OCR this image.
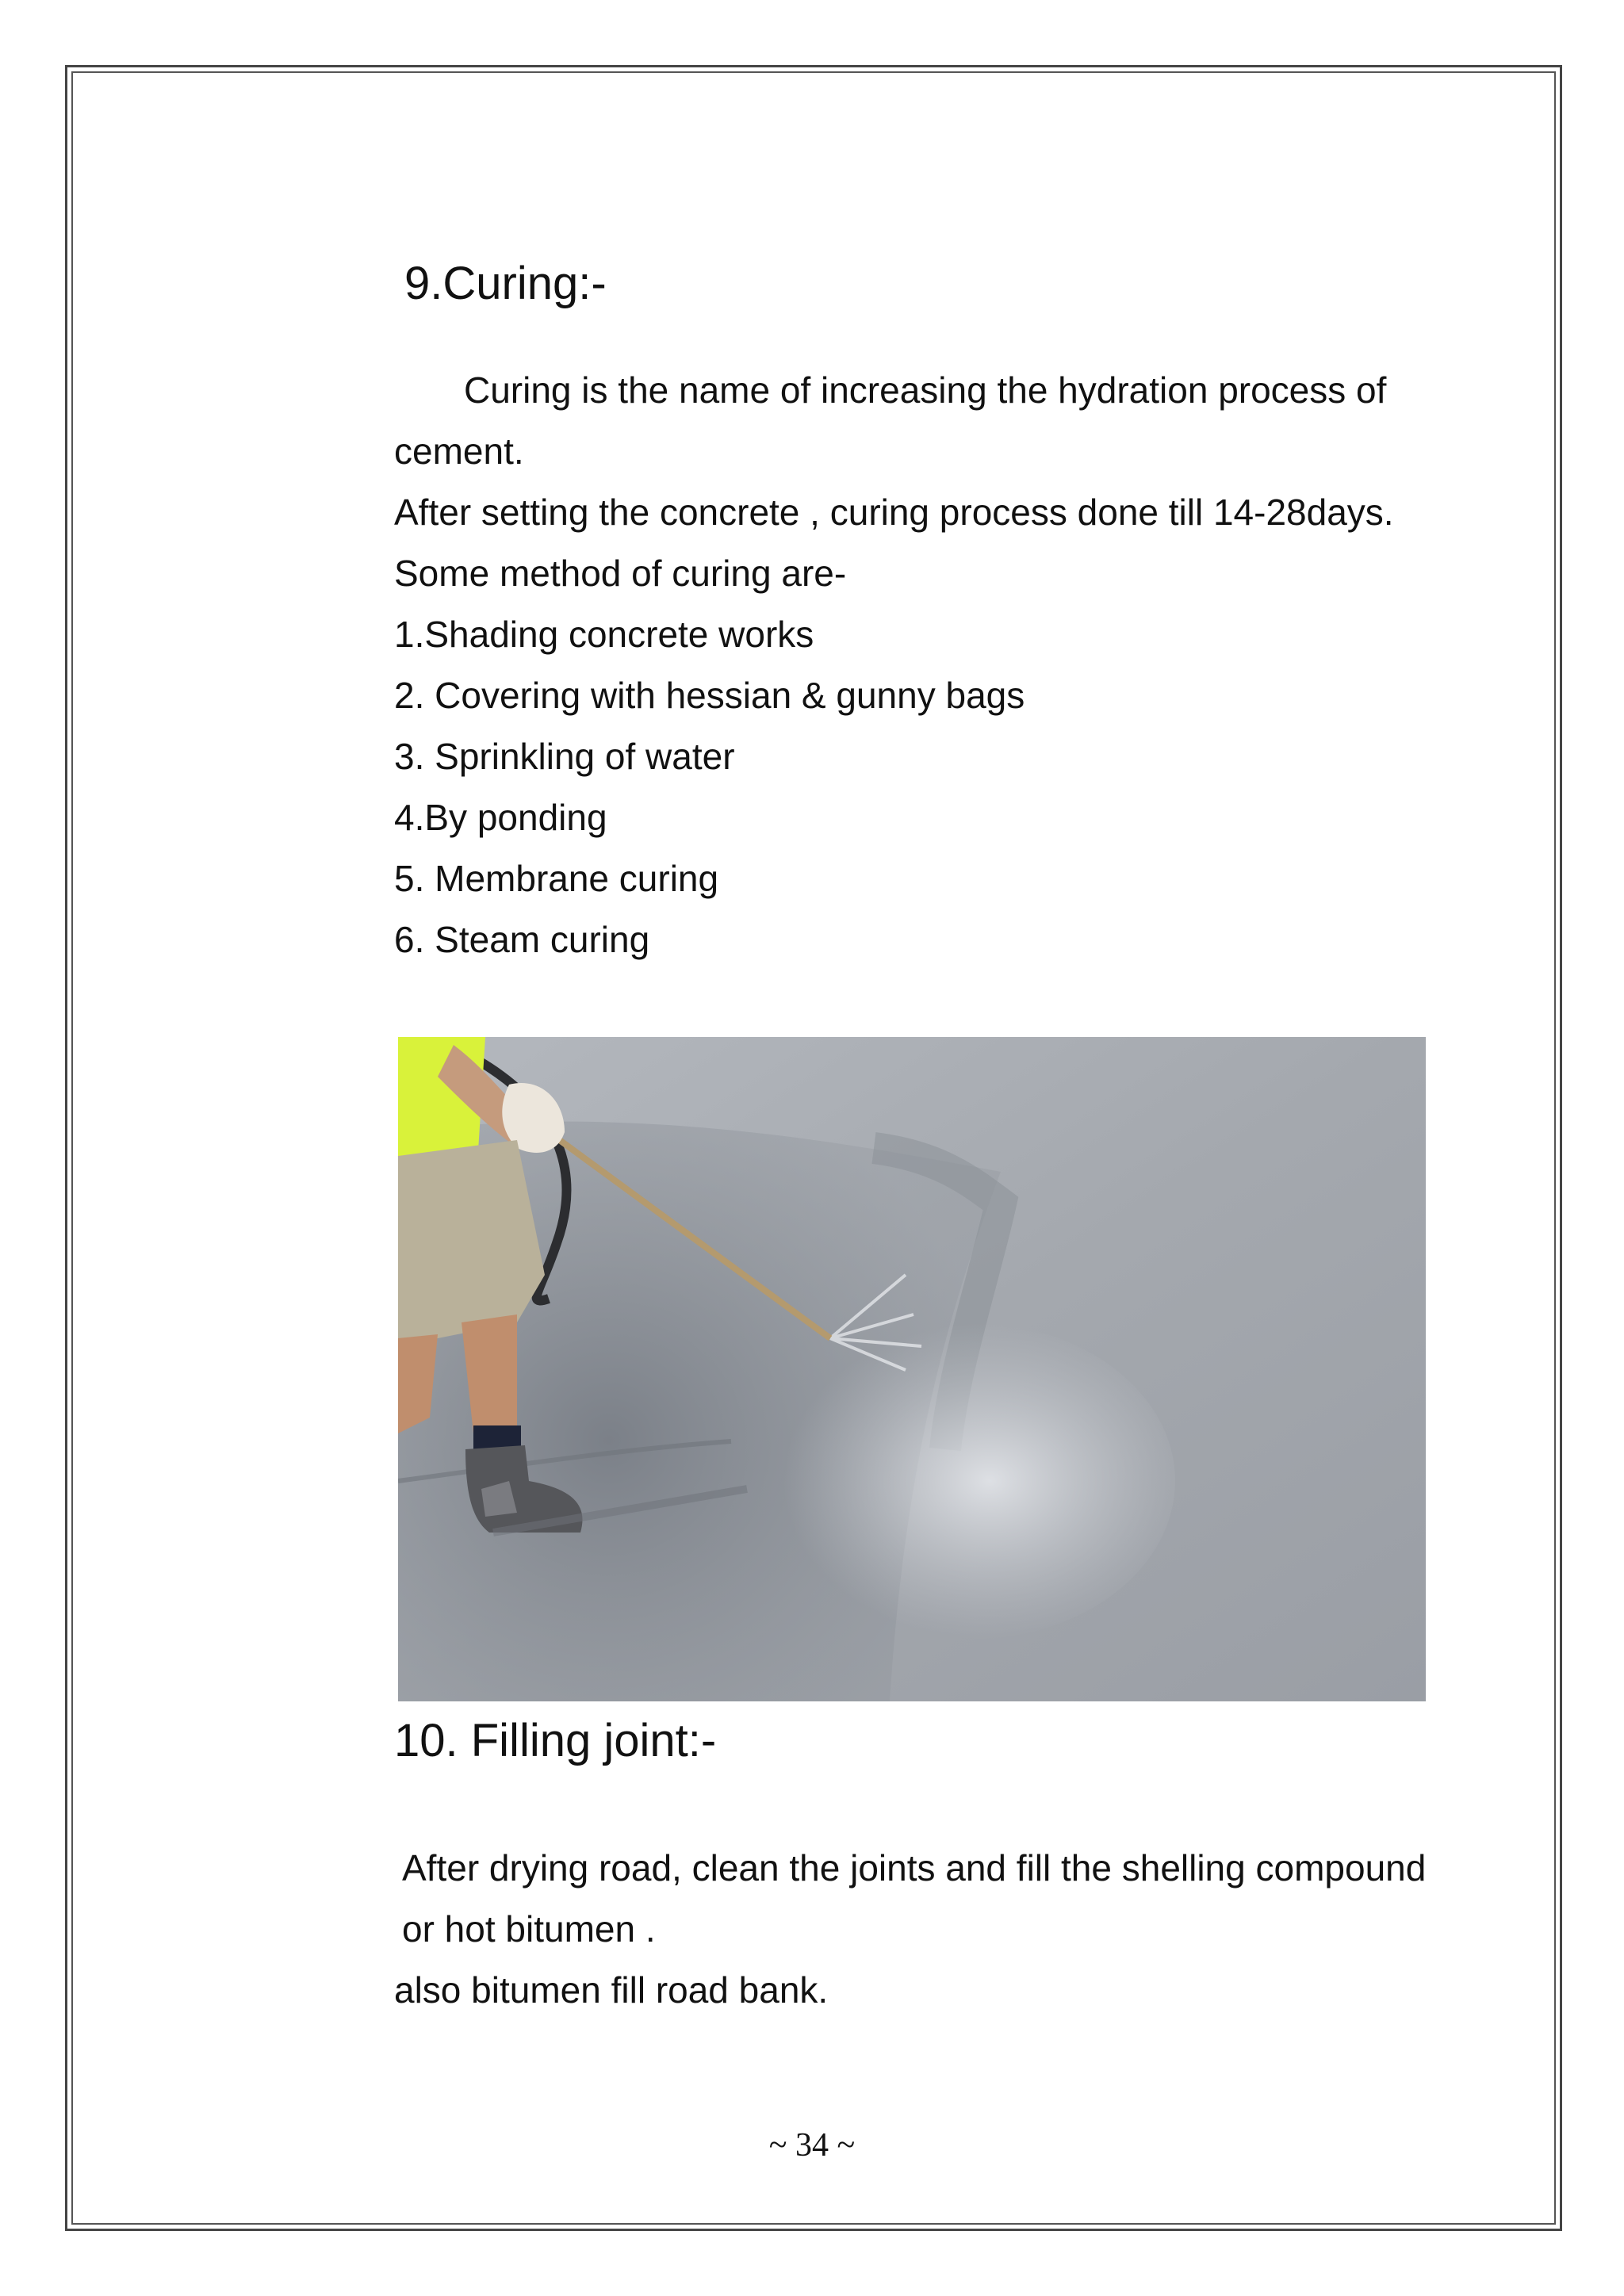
9.Curing:-

Curing is the name of increasing the hydration process of cement.

After setting the concrete , curing process done till 14-28days.

Some method of curing are-

1.Shading concrete works

2. Covering with hessian & gunny bags

3. Sprinkling of water

4.By ponding

5. Membrane curing

6. Steam curing

10. Filling joint:-

After drying road, clean the joints and fill the shelling compound or hot bitumen .

also bitumen fill road bank.

~ 34 ~
